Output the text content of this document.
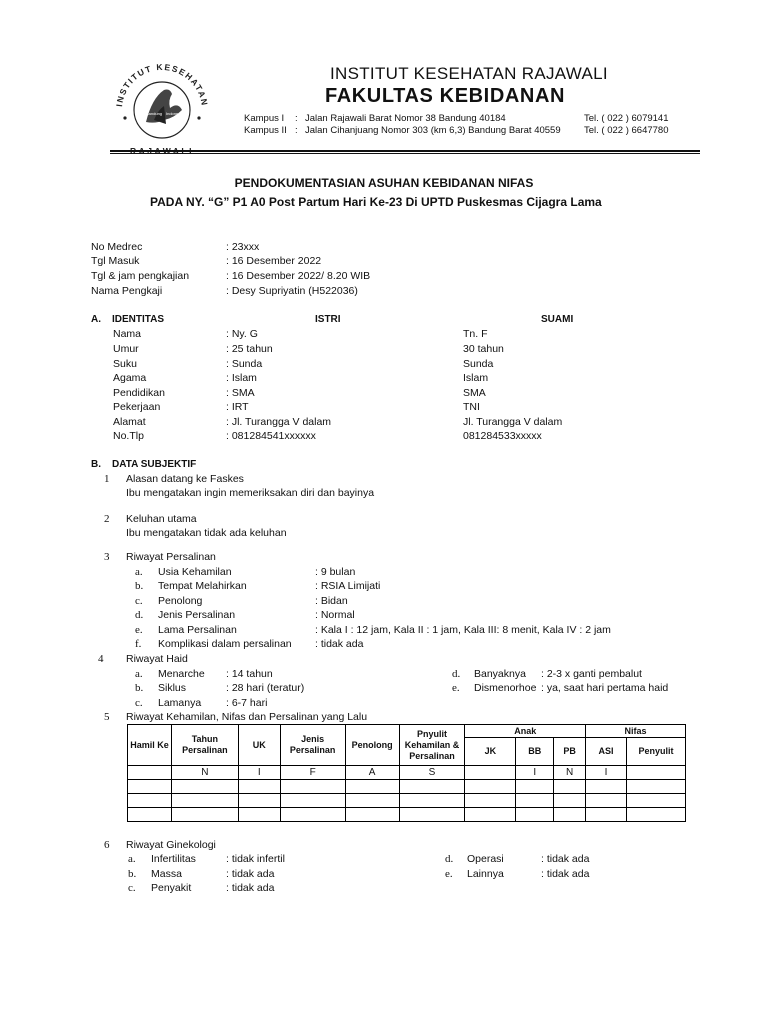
INSTITUT KESEHATAN
RAJAWALI
Bandung Indonesia
INSTITUT KESEHATAN RAJAWALI
FAKULTAS KEBIDANAN
Kampus I : Jalan Rajawali Barat Nomor 38 Bandung 40184	Tel. ( 022 ) 6079141
Kampus II : Jalan Cihanjuang Nomor 303 (km 6,3) Bandung Barat 40559 Tel. ( 022 ) 6647780
PENDOKUMENTASIAN ASUHAN KEBIDANAN NIFAS
PADA NY. “G” P1 A0 Post Partum Hari Ke-23 Di UPTD Puskesmas Cijagra Lama
No Medrec	: 23xxx
Tgl Masuk	: 16 Desember 2022
Tgl & jam pengkajian	: 16 Desember 2022/ 8.20 WIB
Nama Pengkaji	: Desy Supriyatin (H522036)
A. IDENTITAS	ISTRI	SUAMI
Nama	: Ny. G	Tn. F
Umur	: 25 tahun	30 tahun
Suku	: Sunda	Sunda
Agama	: Islam	Islam
Pendidikan	: SMA	SMA
Pekerjaan	: IRT	TNI
Alamat	: Jl. Turangga V dalam	Jl. Turangga V dalam
No.Tlp	: 081284541xxxxxx	081284533xxxxx
B. DATA SUBJEKTIF
1 Alasan datang ke Faskes
Ibu mengatakan ingin memeriksakan diri dan bayinya
2 Keluhan utama
Ibu mengatakan tidak ada keluhan
3 Riwayat Persalinan
a. Usia Kehamilan	: 9 bulan
b. Tempat Melahirkan	: RSIA Limijati
c. Penolong	: Bidan
d. Jenis Persalinan	: Normal
e. Lama Persalinan	: Kala I : 12 jam, Kala II : 1 jam, Kala III: 8 menit, Kala IV : 2 jam
f. Komplikasi dalam persalinan : tidak ada
4 Riwayat Haid
a. Menarche : 14 tahun
b. Siklus	: 28 hari (teratur)
c. Lamanya : 6-7 hari
d. Banyaknya : 2-3 x ganti pembalut
e. Dismenorhoe : ya, saat hari pertama haid
5 Riwayat Kehamilan, Nifas dan Persalinan yang Lalu
Hamil Ke	Tahun Persalinan	UK	Jenis Persalinan	Penolong	Pnyulit Kehamilan & Persalinan	Anak			Nifas	
						JK	BB	PB	ASI	Penyulit
	N	I	F	A	S		I	N	I	

6 Riwayat Ginekologi
a. Infertilitas	: tidak infertil
b. Massa	: tidak ada
c. Penyakit	: tidak ada
d. Operasi	: tidak ada
e. Lainnya	: tidak ada
